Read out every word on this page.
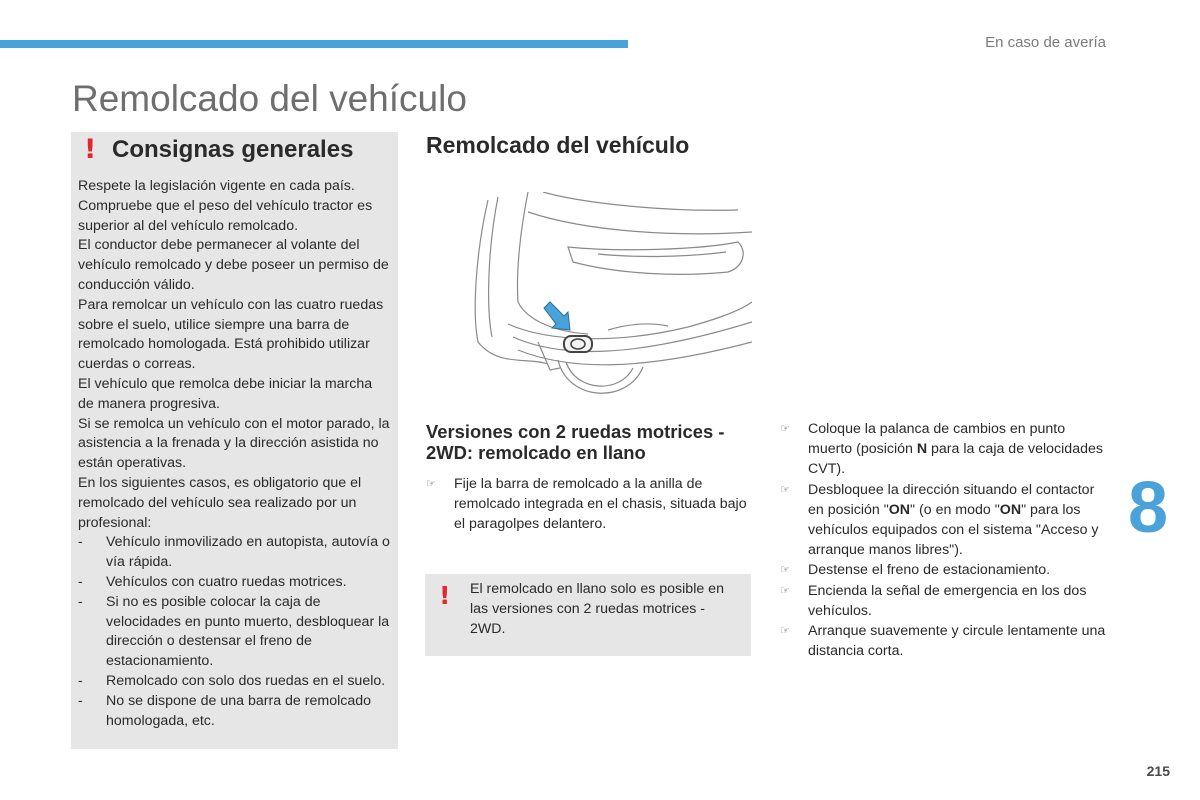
En caso de avería
Remolcado del vehículo
! Consignas generales

Respete la legislación vigente en cada país.

Compruebe que el peso del vehículo tractor es superior al del vehículo remolcado.

El conductor debe permanecer al volante del vehículo remolcado y debe poseer un permiso de conducción válido.

Para remolcar un vehículo con las cuatro ruedas sobre el suelo, utilice siempre una barra de remolcado homologada. Está prohibido utilizar cuerdas o correas.

El vehículo que remolca debe iniciar la marcha de manera progresiva.

Si se remolca un vehículo con el motor parado, la asistencia a la frenada y la dirección asistida no están operativas.

En los siguientes casos, es obligatorio que el remolcado del vehículo sea realizado por un profesional:

- Vehículo inmovilizado en autopista, autovía o vía rápida.
- Vehículos con cuatro ruedas motrices.
- Si no es posible colocar la caja de velocidades en punto muerto, desbloquear la dirección o destensar el freno de estacionamiento.
- Remolcado con solo dos ruedas en el suelo.
- No se dispone de una barra de remolcado homologada, etc.
Remolcado del vehículo
Versiones con 2 ruedas motrices - 2WD: remolcado en llano
☞ Fije la barra de remolcado a la anilla de remolcado integrada en el chasis, situada bajo el paragolpes delantero.
! El remolcado en llano solo es posible en las versiones con 2 ruedas motrices - 2WD.
☞ Coloque la palanca de cambios en punto muerto (posición N para la caja de velocidades CVT).
☞ Desbloquee la dirección situando el contactor en posición "ON" (o en modo "ON" para los vehículos equipados con el sistema "Acceso y arranque manos libres").
☞ Destense el freno de estacionamiento.
☞ Encienda la señal de emergencia en los dos vehículos.
☞ Arranque suavemente y circule lentamente una distancia corta.
8
215
